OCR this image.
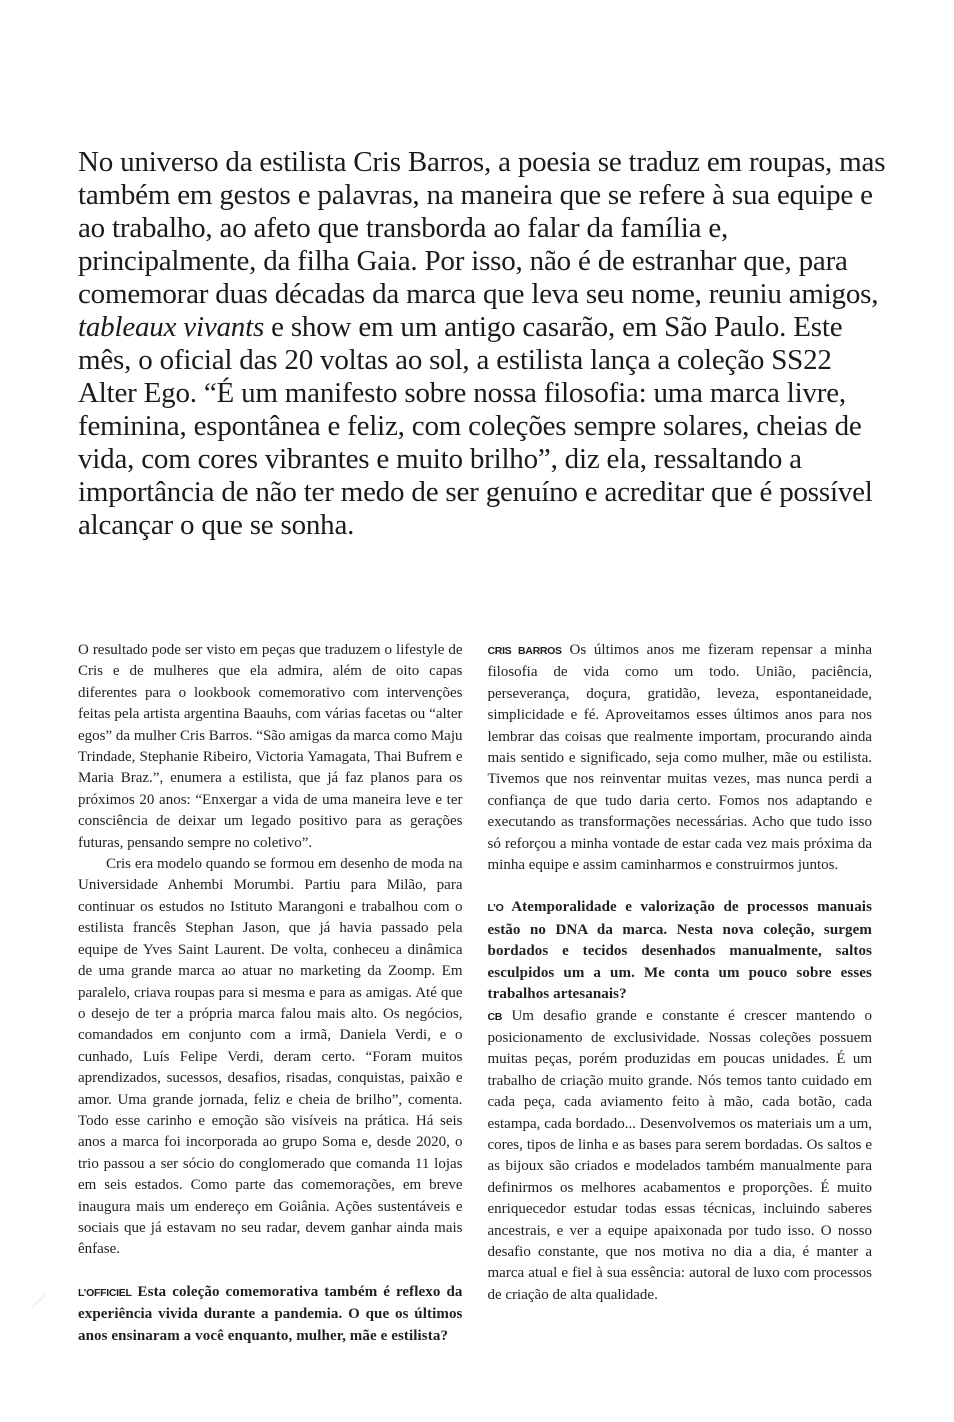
No universo da estilista Cris Barros, a poesia se traduz em roupas, mas também em gestos e palavras, na maneira que se refere à sua equipe e ao trabalho, ao afeto que transborda ao falar da família e, principalmente, da filha Gaia. Por isso, não é de estranhar que, para comemorar duas décadas da marca que leva seu nome, reuniu amigos, tableaux vivants e show em um antigo casarão, em São Paulo. Este mês, o oficial das 20 voltas ao sol, a estilista lança a coleção SS22 Alter Ego. “É um manifesto sobre nossa filosofia: uma marca livre, feminina, espontânea e feliz, com coleções sempre solares, cheias de vida, com cores vibrantes e muito brilho”, diz ela, ressaltando a importância de não ter medo de ser genuíno e acreditar que é possível alcançar o que se sonha.

O resultado pode ser visto em peças que traduzem o lifestyle de Cris e de mulheres que ela admira, além de oito capas diferentes para o lookbook comemorativo com intervenções feitas pela artista argentina Baauhs, com várias facetas ou “alter egos” da mulher Cris Barros. “São amigas da marca como Maju Trindade, Stephanie Ribeiro, Victoria Yamagata, Thai Bufrem e Maria Braz.”, enumera a estilista, que já faz planos para os próximos 20 anos: “Enxergar a vida de uma maneira leve e ter consciência de deixar um legado positivo para as gerações futuras, pensando sempre no coletivo”.

Cris era modelo quando se formou em desenho de moda na Universidade Anhembi Morumbi. Partiu para Milão, para continuar os estudos no Istituto Marangoni e trabalhou com o estilista francês Stephan Jason, que já havia passado pela equipe de Yves Saint Laurent. De volta, conheceu a dinâmica de uma grande marca ao atuar no marketing da Zoomp. Em paralelo, criava roupas para si mesma e para as amigas. Até que o desejo de ter a própria marca falou mais alto. Os negócios, comandados em conjunto com a irmã, Daniela Verdi, e o cunhado, Luís Felipe Verdi, deram certo. “Foram muitos aprendizados, sucessos, desafios, risadas, conquistas, paixão e amor. Uma grande jornada, feliz e cheia de brilho”, comenta. Todo esse carinho e emoção são visíveis na prática. Há seis anos a marca foi incorporada ao grupo Soma e, desde 2020, o trio passou a ser sócio do conglomerado que comanda 11 lojas em seis estados. Como parte das comemorações, em breve inaugura mais um endereço em Goiânia. Ações sustentáveis e sociais que já estavam no seu radar, devem ganhar ainda mais ênfase.

L’OFFICIEL Esta coleção comemorativa também é reflexo da experiência vivida durante a pandemia. O que os últimos anos ensinaram a você enquanto, mulher, mãe e estilista?

CRIS BARROS Os últimos anos me fizeram repensar a minha filosofia de vida como um todo. União, paciência, perseverança, doçura, gratidão, leveza, espontaneidade, simplicidade e fé. Aproveitamos esses últimos anos para nos lembrar das coisas que realmente importam, procurando ainda mais sentido e significado, seja como mulher, mãe ou estilista. Tivemos que nos reinventar muitas vezes, mas nunca perdi a confiança de que tudo daria certo. Fomos nos adaptando e executando as transformações necessárias. Acho que tudo isso só reforçou a minha vontade de estar cada vez mais próxima da minha equipe e assim caminharmos e construirmos juntos.

L’O Atemporalidade e valorização de processos manuais estão no DNA da marca. Nesta nova coleção, surgem bordados e tecidos desenhados manualmente, saltos esculpidos um a um. Me conta um pouco sobre esses trabalhos artesanais?

CB Um desafio grande e constante é crescer mantendo o posicionamento de exclusividade. Nossas coleções possuem muitas peças, porém produzidas em poucas unidades. É um trabalho de criação muito grande. Nós temos tanto cuidado em cada peça, cada aviamento feito à mão, cada botão, cada estampa, cada bordado... Desenvolvemos os materiais um a um, cores, tipos de linha e as bases para serem bordadas. Os saltos e as bijoux são criados e modelados também manualmente para definirmos os melhores acabamentos e proporções. É muito enriquecedor estudar todas essas técnicas, incluindo saberes ancestrais, e ver a equipe apaixonada por tudo isso. O nosso desafio constante, que nos motiva no dia a dia, é manter a marca atual e fiel à sua essência: autoral de luxo com processos de criação de alta qualidade.
